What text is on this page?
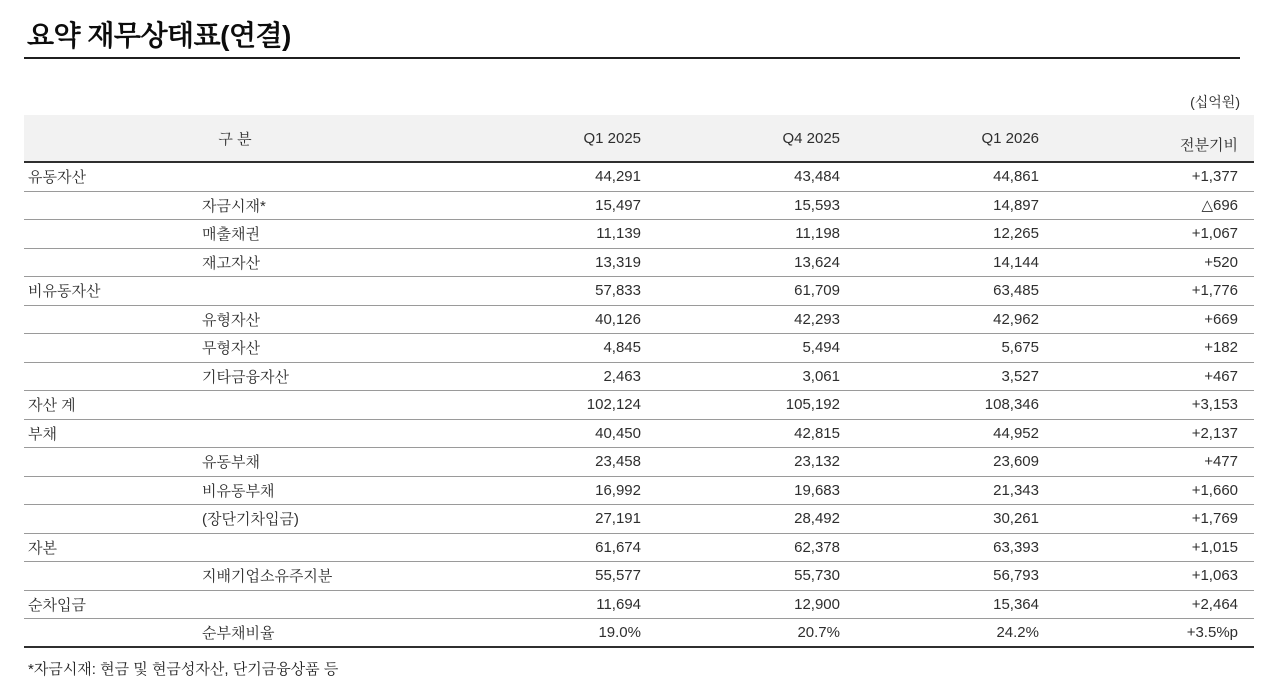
요약 재무상태표(연결)
(십억원)
구 분	Q1 2025	Q4 2025	Q1 2026	전분기비
유동자산	44,291	43,484	44,861	+1,377
자금시재*	15,497	15,593	14,897	△696
매출채권	11,139	11,198	12,265	+1,067
재고자산	13,319	13,624	14,144	+520
비유동자산	57,833	61,709	63,485	+1,776
유형자산	40,126	42,293	42,962	+669
무형자산	4,845	5,494	5,675	+182
기타금융자산	2,463	3,061	3,527	+467
자산 계	102,124	105,192	108,346	+3,153
부채	40,450	42,815	44,952	+2,137
유동부채	23,458	23,132	23,609	+477
비유동부채	16,992	19,683	21,343	+1,660
(장단기차입금)	27,191	28,492	30,261	+1,769
자본	61,674	62,378	63,393	+1,015
지배기업소유주지분	55,577	55,730	56,793	+1,063
순차입금	11,694	12,900	15,364	+2,464
순부채비율	19.0%	20.7%	24.2%	+3.5%p
*자금시재: 현금 및 현금성자산, 단기금융상품 등
